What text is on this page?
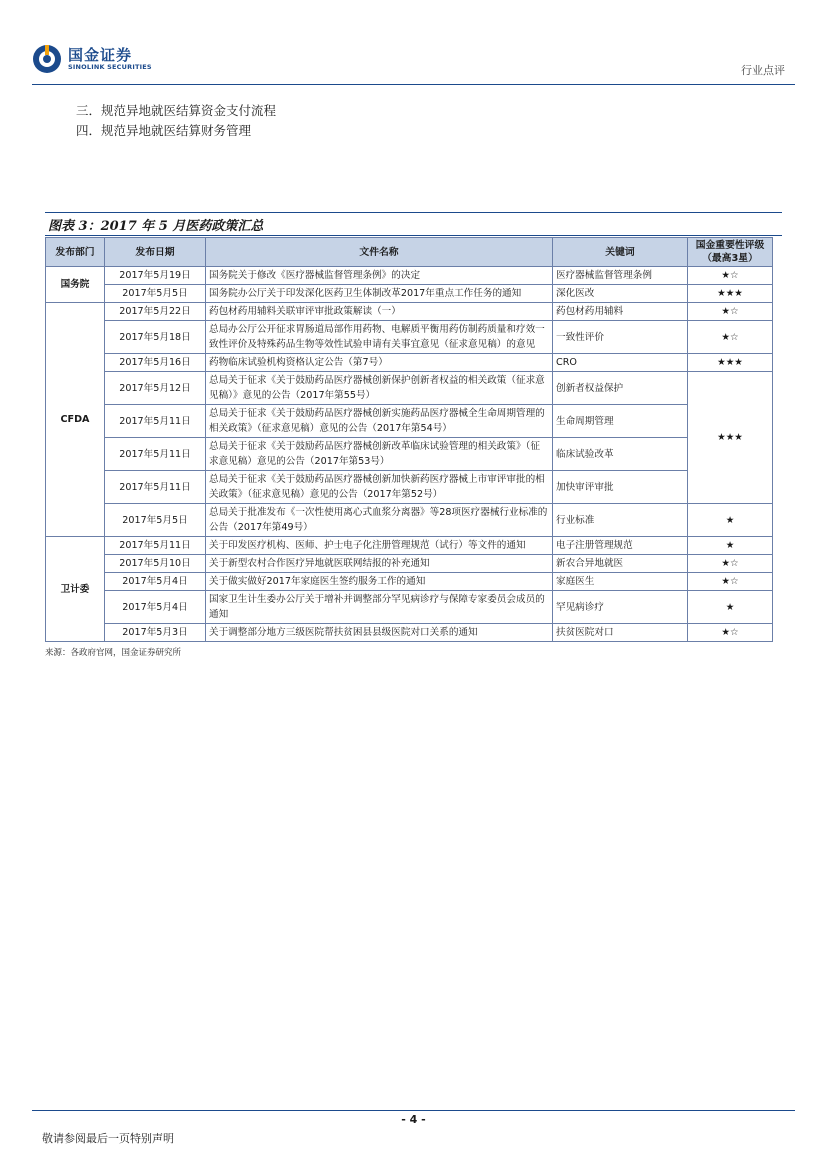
国金证券
SINOLINK SECURITIES	行业点评
三．规范异地就医结算资金支付流程
四．规范异地就医结算财务管理
图表 3：2017 年 5 月医药政策汇总
发布部门	发布日期	文件名称	关键词	国金重要性评级（最高3星）
国务院	2017年5月19日	国务院关于修改《医疗器械监督管理条例》的决定	医疗器械监督管理条例	★☆
	2017年5月5日	国务院办公厅关于印发深化医药卫生体制改革2017年重点工作任务的通知	深化医改	★★★
CFDA	2017年5月22日	药包材药用辅料关联审评审批政策解读（一）	药包材药用辅料	★☆
	2017年5月18日	总局办公厅公开征求胃肠道局部作用药物、电解质平衡用药仿制药质量和疗效一致性评价及特殊药品生物等效性试验申请有关事宜意见（征求意见稿）的意见	一致性评价	★☆
	2017年5月16日	药物临床试验机构资格认定公告（第7号）	CRO	★★★
	2017年5月12日	总局关于征求《关于鼓励药品医疗器械创新保护创新者权益的相关政策（征求意见稿）》意见的公告（2017年第55号）	创新者权益保护	★★★
	2017年5月11日	总局关于征求《关于鼓励药品医疗器械创新实施药品医疗器械全生命周期管理的相关政策》（征求意见稿）意见的公告（2017年第54号）	生命周期管理	
	2017年5月11日	总局关于征求《关于鼓励药品医疗器械创新改革临床试验管理的相关政策》（征求意见稿）意见的公告（2017年第53号）	临床试验改革	
	2017年5月11日	总局关于征求《关于鼓励药品医疗器械创新加快新药医疗器械上市审评审批的相关政策》（征求意见稿）意见的公告（2017年第52号）	加快审评审批	
	2017年5月5日	总局关于批准发布《一次性使用离心式血浆分离器》等28项医疗器械行业标准的公告（2017年第49号）	行业标准	★
卫计委	2017年5月11日	关于印发医疗机构、医师、护士电子化注册管理规范（试行）等文件的通知	电子注册管理规范	★
	2017年5月10日	关于新型农村合作医疗异地就医联网结报的补充通知	新农合异地就医	★☆
	2017年5月4日	关于做实做好2017年家庭医生签约服务工作的通知	家庭医生	★☆
	2017年5月4日	国家卫生计生委办公厅关于增补并调整部分罕见病诊疗与保障专家委员会成员的通知	罕见病诊疗	★
	2017年5月3日	关于调整部分地方三级医院帮扶贫困县县级医院对口关系的通知	扶贫医院对口	★☆
来源：各政府官网，国金证券研究所
- 4 -
敬请参阅最后一页特别声明
